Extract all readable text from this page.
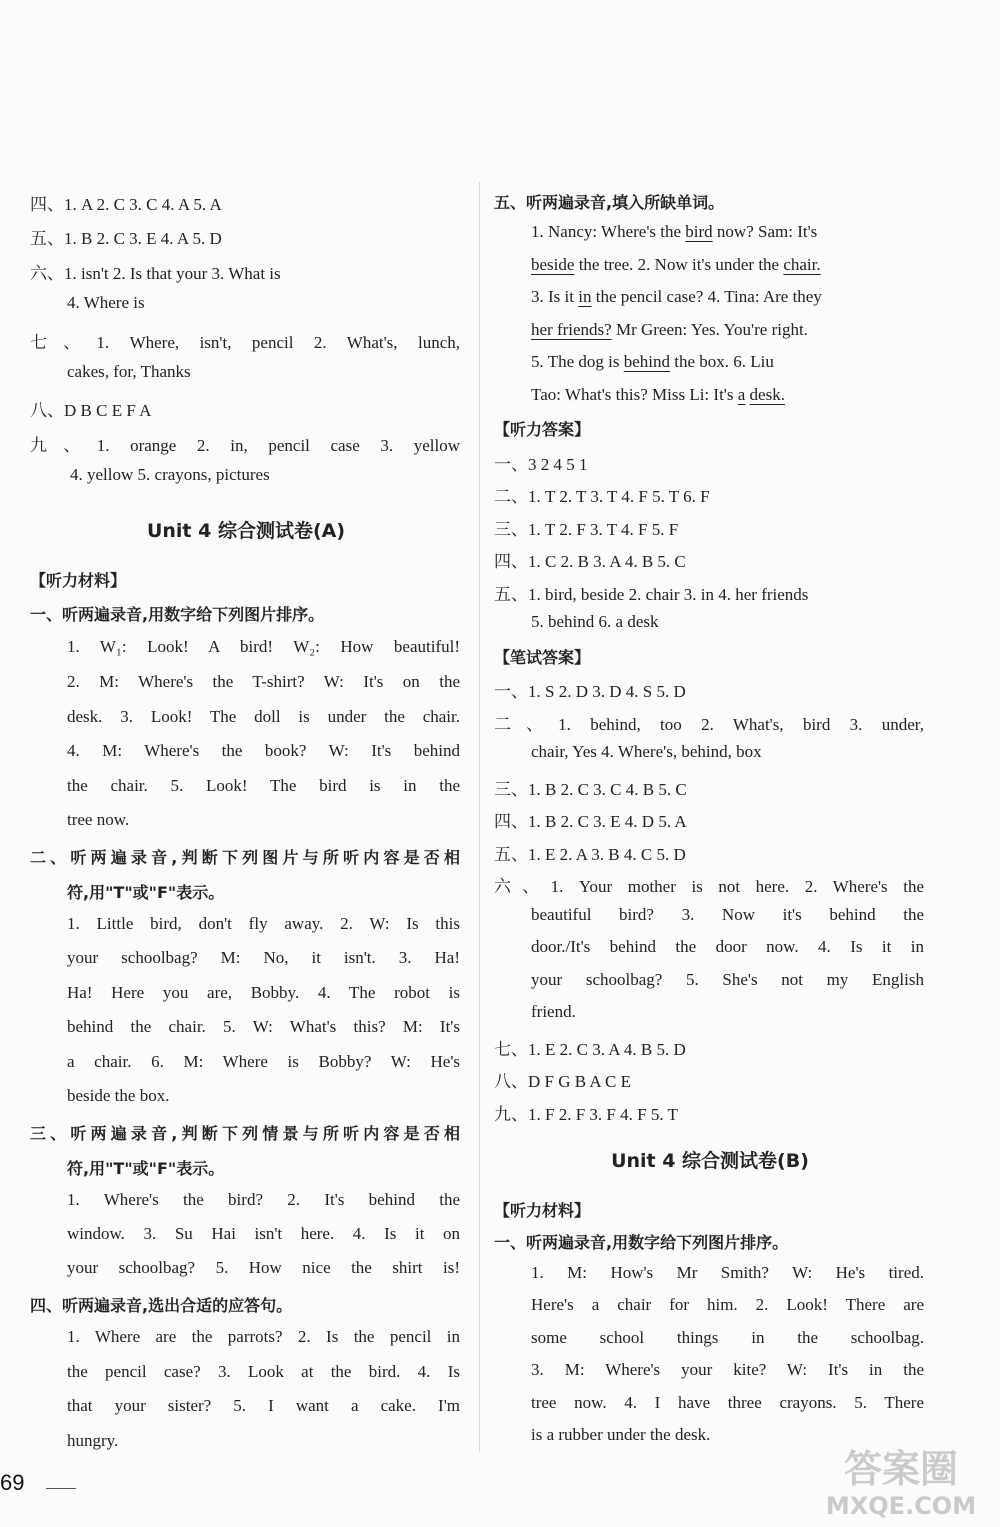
四、1. A 2. C 3. C 4. A 5. A
五、1. B 2. C 3. E 4. A 5. D
六、1. isn't 2. Is that your 3. What is
4. Where is
七、1. Where, isn't, pencil 2. What's, lunch,
cakes, for, Thanks
八、D B C E F A
九、1. orange 2. in, pencil case 3. yellow
4. yellow 5. crayons, pictures
Unit 4 综合测试卷(A)
【听力材料】
一、听两遍录音,用数字给下列图片排序。
1. W₁: Look! A bird! W₂: How beautiful!
2. M: Where's the T-shirt? W: It's on the
desk. 3. Look! The doll is under the chair.
4. M: Where's the book? W: It's behind
the chair. 5. Look! The bird is in the
tree now.
二、听两遍录音,判断下列图片与所听内容是否相
符,用"T"或"F"表示。
1. Little bird, don't fly away. 2. W: Is this
your schoolbag? M: No, it isn't. 3. Ha!
Ha! Here you are, Bobby. 4. The robot is
behind the chair. 5. W: What's this? M: It's
a chair. 6. M: Where is Bobby? W: He's
beside the box.
三、听两遍录音,判断下列情景与所听内容是否相
符,用"T"或"F"表示。
1. Where's the bird? 2. It's behind the
window. 3. Su Hai isn't here. 4. Is it on
your schoolbag? 5. How nice the shirt is!
四、听两遍录音,选出合适的应答句。
1. Where are the parrots? 2. Is the pencil in
the pencil case? 3. Look at the bird. 4. Is
that your sister? 5. I want a cake. I'm
hungry.
五、听两遍录音,填入所缺单词。
1. Nancy: Where's the bird now? Sam: It's
beside the tree. 2. Now it's under the chair.
3. Is it in the pencil case? 4. Tina: Are they
her friends? Mr Green: Yes. You're right.
5. The dog is behind the box. 6. Liu
Tao: What's this? Miss Li: It's a desk.
【听力答案】
一、3 2 4 5 1
二、1. T 2. T 3. T 4. F 5. T 6. F
三、1. T 2. F 3. T 4. F 5. F
四、1. C 2. B 3. A 4. B 5. C
五、1. bird, beside 2. chair 3. in 4. her friends
5. behind 6. a desk
【笔试答案】
一、1. S 2. D 3. D 4. S 5. D
二、1. behind, too 2. What's, bird 3. under,
chair, Yes 4. Where's, behind, box
三、1. B 2. C 3. C 4. B 5. C
四、1. B 2. C 3. E 4. D 5. A
五、1. E 2. A 3. B 4. C 5. D
六、1. Your mother is not here. 2. Where's the
beautiful bird? 3. Now it's behind the
door./It's behind the door now. 4. Is it in
your schoolbag? 5. She's not my English
friend.
七、1. E 2. C 3. A 4. B 5. D
八、D F G B A C E
九、1. F 2. F 3. F 4. F 5. T
Unit 4 综合测试卷(B)
【听力材料】
一、听两遍录音,用数字给下列图片排序。
1. M: How's Mr Smith? W: He's tired.
Here's a chair for him. 2. Look! There are
some school things in the schoolbag.
3. M: Where's your kite? W: It's in the
tree now. 4. I have three crayons. 5. There
is a rubber under the desk.
69	答案圈
MXQE.COM
